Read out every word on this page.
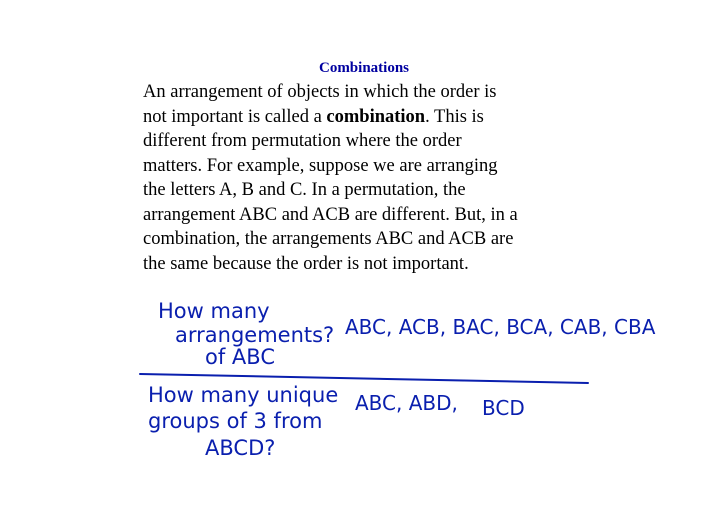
Combinations
An arrangement of objects in which the order is
not important is called a combination. This is
different from permutation where the order
matters. For example, suppose we are arranging
the letters A, B and C. In a permutation, the
arrangement ABC and ACB are different. But, in a
combination, the arrangements ABC and ACB are
the same because the order is not important.
How many
arrangements?
of ABC
ABC, ACB, BAC, BCA, CAB, CBA
How many unique
groups of 3 from
ABCD?
ABC, ABD, BCD
